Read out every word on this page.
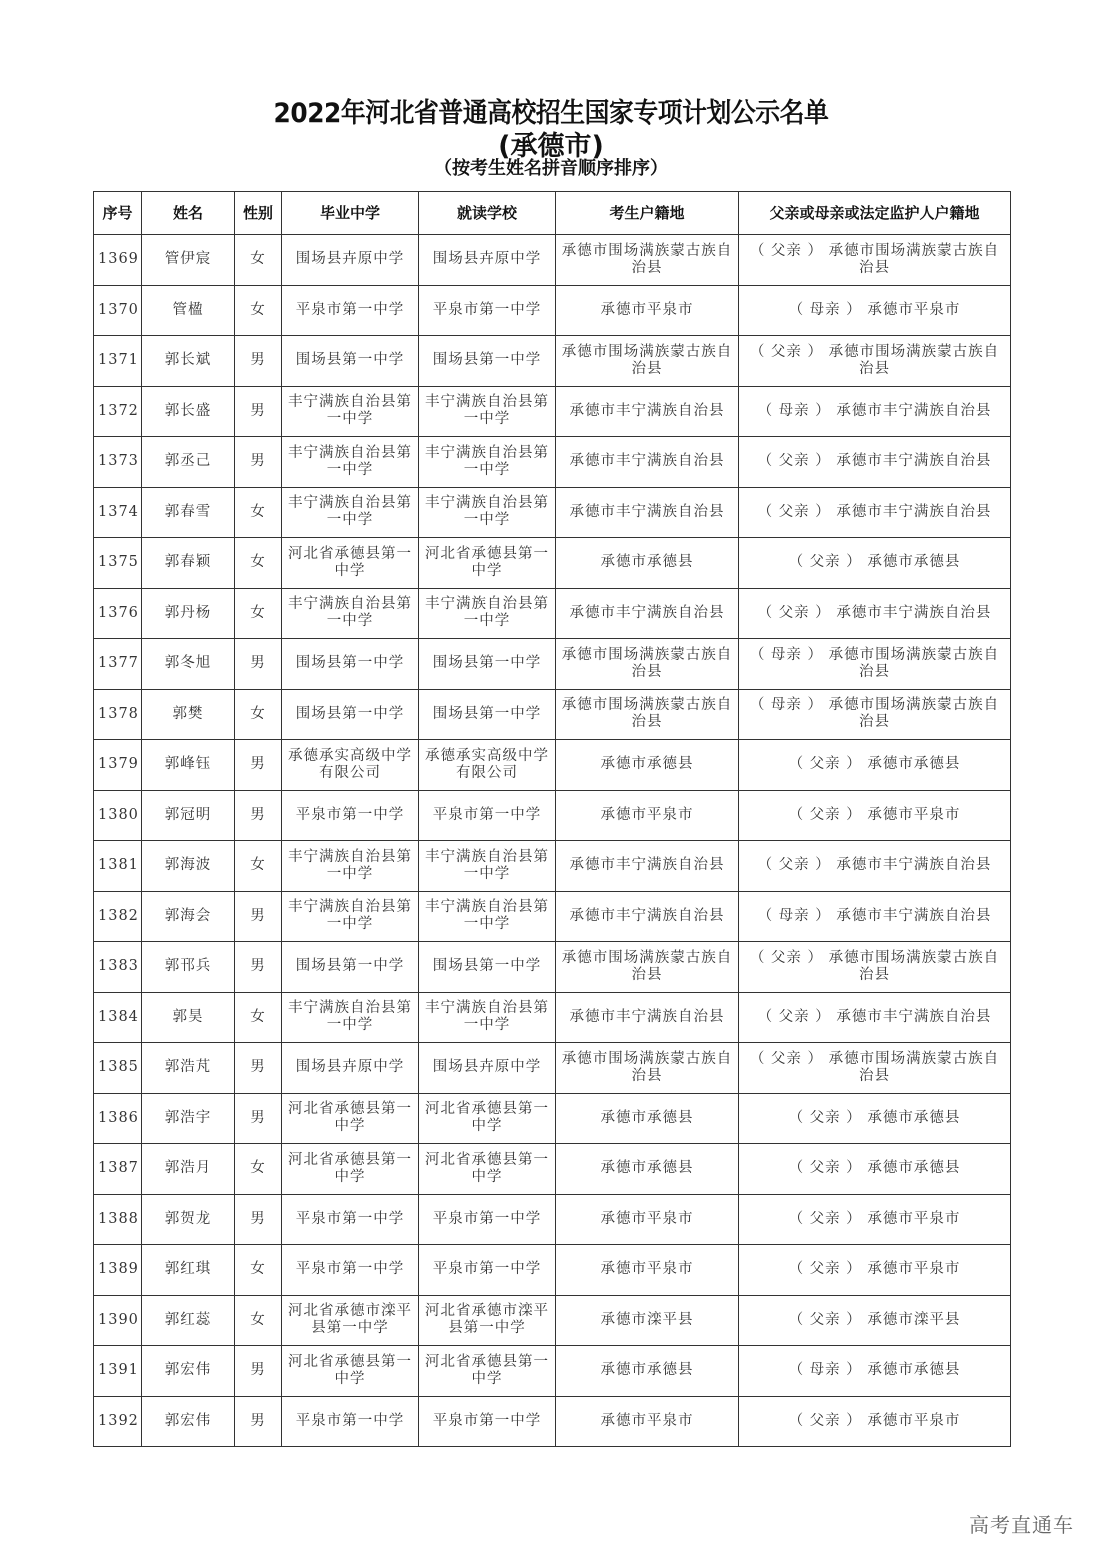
2022年河北省普通高校招生国家专项计划公示名单
(承德市)
（按考生姓名拼音顺序排序）
序号	姓名	性别	毕业中学	就读学校	考生户籍地	父亲或母亲或法定监护人户籍地
1369	管伊宸	女	围场县卉原中学	围场县卉原中学	承德市围场满族蒙古族自治县	（ 父亲 ） 承德市围场满族蒙古族自治县
1370	管楹	女	平泉市第一中学	平泉市第一中学	承德市平泉市	（ 母亲 ） 承德市平泉市
1371	郭长斌	男	围场县第一中学	围场县第一中学	承德市围场满族蒙古族自治县	（ 父亲 ） 承德市围场满族蒙古族自治县
1372	郭长盛	男	丰宁满族自治县第一中学	丰宁满族自治县第一中学	承德市丰宁满族自治县	（ 母亲 ） 承德市丰宁满族自治县
1373	郭丞己	男	丰宁满族自治县第一中学	丰宁满族自治县第一中学	承德市丰宁满族自治县	（ 父亲 ） 承德市丰宁满族自治县
1374	郭春雪	女	丰宁满族自治县第一中学	丰宁满族自治县第一中学	承德市丰宁满族自治县	（ 父亲 ） 承德市丰宁满族自治县
1375	郭春颖	女	河北省承德县第一中学	河北省承德县第一中学	承德市承德县	（ 父亲 ） 承德市承德县
1376	郭丹杨	女	丰宁满族自治县第一中学	丰宁满族自治县第一中学	承德市丰宁满族自治县	（ 父亲 ） 承德市丰宁满族自治县
1377	郭冬旭	男	围场县第一中学	围场县第一中学	承德市围场满族蒙古族自治县	（ 母亲 ） 承德市围场满族蒙古族自治县
1378	郭樊	女	围场县第一中学	围场县第一中学	承德市围场满族蒙古族自治县	（ 母亲 ） 承德市围场满族蒙古族自治县
1379	郭峰钰	男	承德承实高级中学有限公司	承德承实高级中学有限公司	承德市承德县	（ 父亲 ） 承德市承德县
1380	郭冠明	男	平泉市第一中学	平泉市第一中学	承德市平泉市	（ 父亲 ） 承德市平泉市
1381	郭海波	女	丰宁满族自治县第一中学	丰宁满族自治县第一中学	承德市丰宁满族自治县	（ 父亲 ） 承德市丰宁满族自治县
1382	郭海会	男	丰宁满族自治县第一中学	丰宁满族自治县第一中学	承德市丰宁满族自治县	（ 母亲 ） 承德市丰宁满族自治县
1383	郭邗兵	男	围场县第一中学	围场县第一中学	承德市围场满族蒙古族自治县	（ 父亲 ） 承德市围场满族蒙古族自治县
1384	郭昊	女	丰宁满族自治县第一中学	丰宁满族自治县第一中学	承德市丰宁满族自治县	（ 父亲 ） 承德市丰宁满族自治县
1385	郭浩芃	男	围场县卉原中学	围场县卉原中学	承德市围场满族蒙古族自治县	（ 父亲 ） 承德市围场满族蒙古族自治县
1386	郭浩宇	男	河北省承德县第一中学	河北省承德县第一中学	承德市承德县	（ 父亲 ） 承德市承德县
1387	郭浩月	女	河北省承德县第一中学	河北省承德县第一中学	承德市承德县	（ 父亲 ） 承德市承德县
1388	郭贺龙	男	平泉市第一中学	平泉市第一中学	承德市平泉市	（ 父亲 ） 承德市平泉市
1389	郭红琪	女	平泉市第一中学	平泉市第一中学	承德市平泉市	（ 父亲 ） 承德市平泉市
1390	郭红蕊	女	河北省承德市滦平县第一中学	河北省承德市滦平县第一中学	承德市滦平县	（ 父亲 ） 承德市滦平县
1391	郭宏伟	男	河北省承德县第一中学	河北省承德县第一中学	承德市承德县	（ 母亲 ） 承德市承德县
1392	郭宏伟	男	平泉市第一中学	平泉市第一中学	承德市平泉市	（ 父亲 ） 承德市平泉市
高考直通车
